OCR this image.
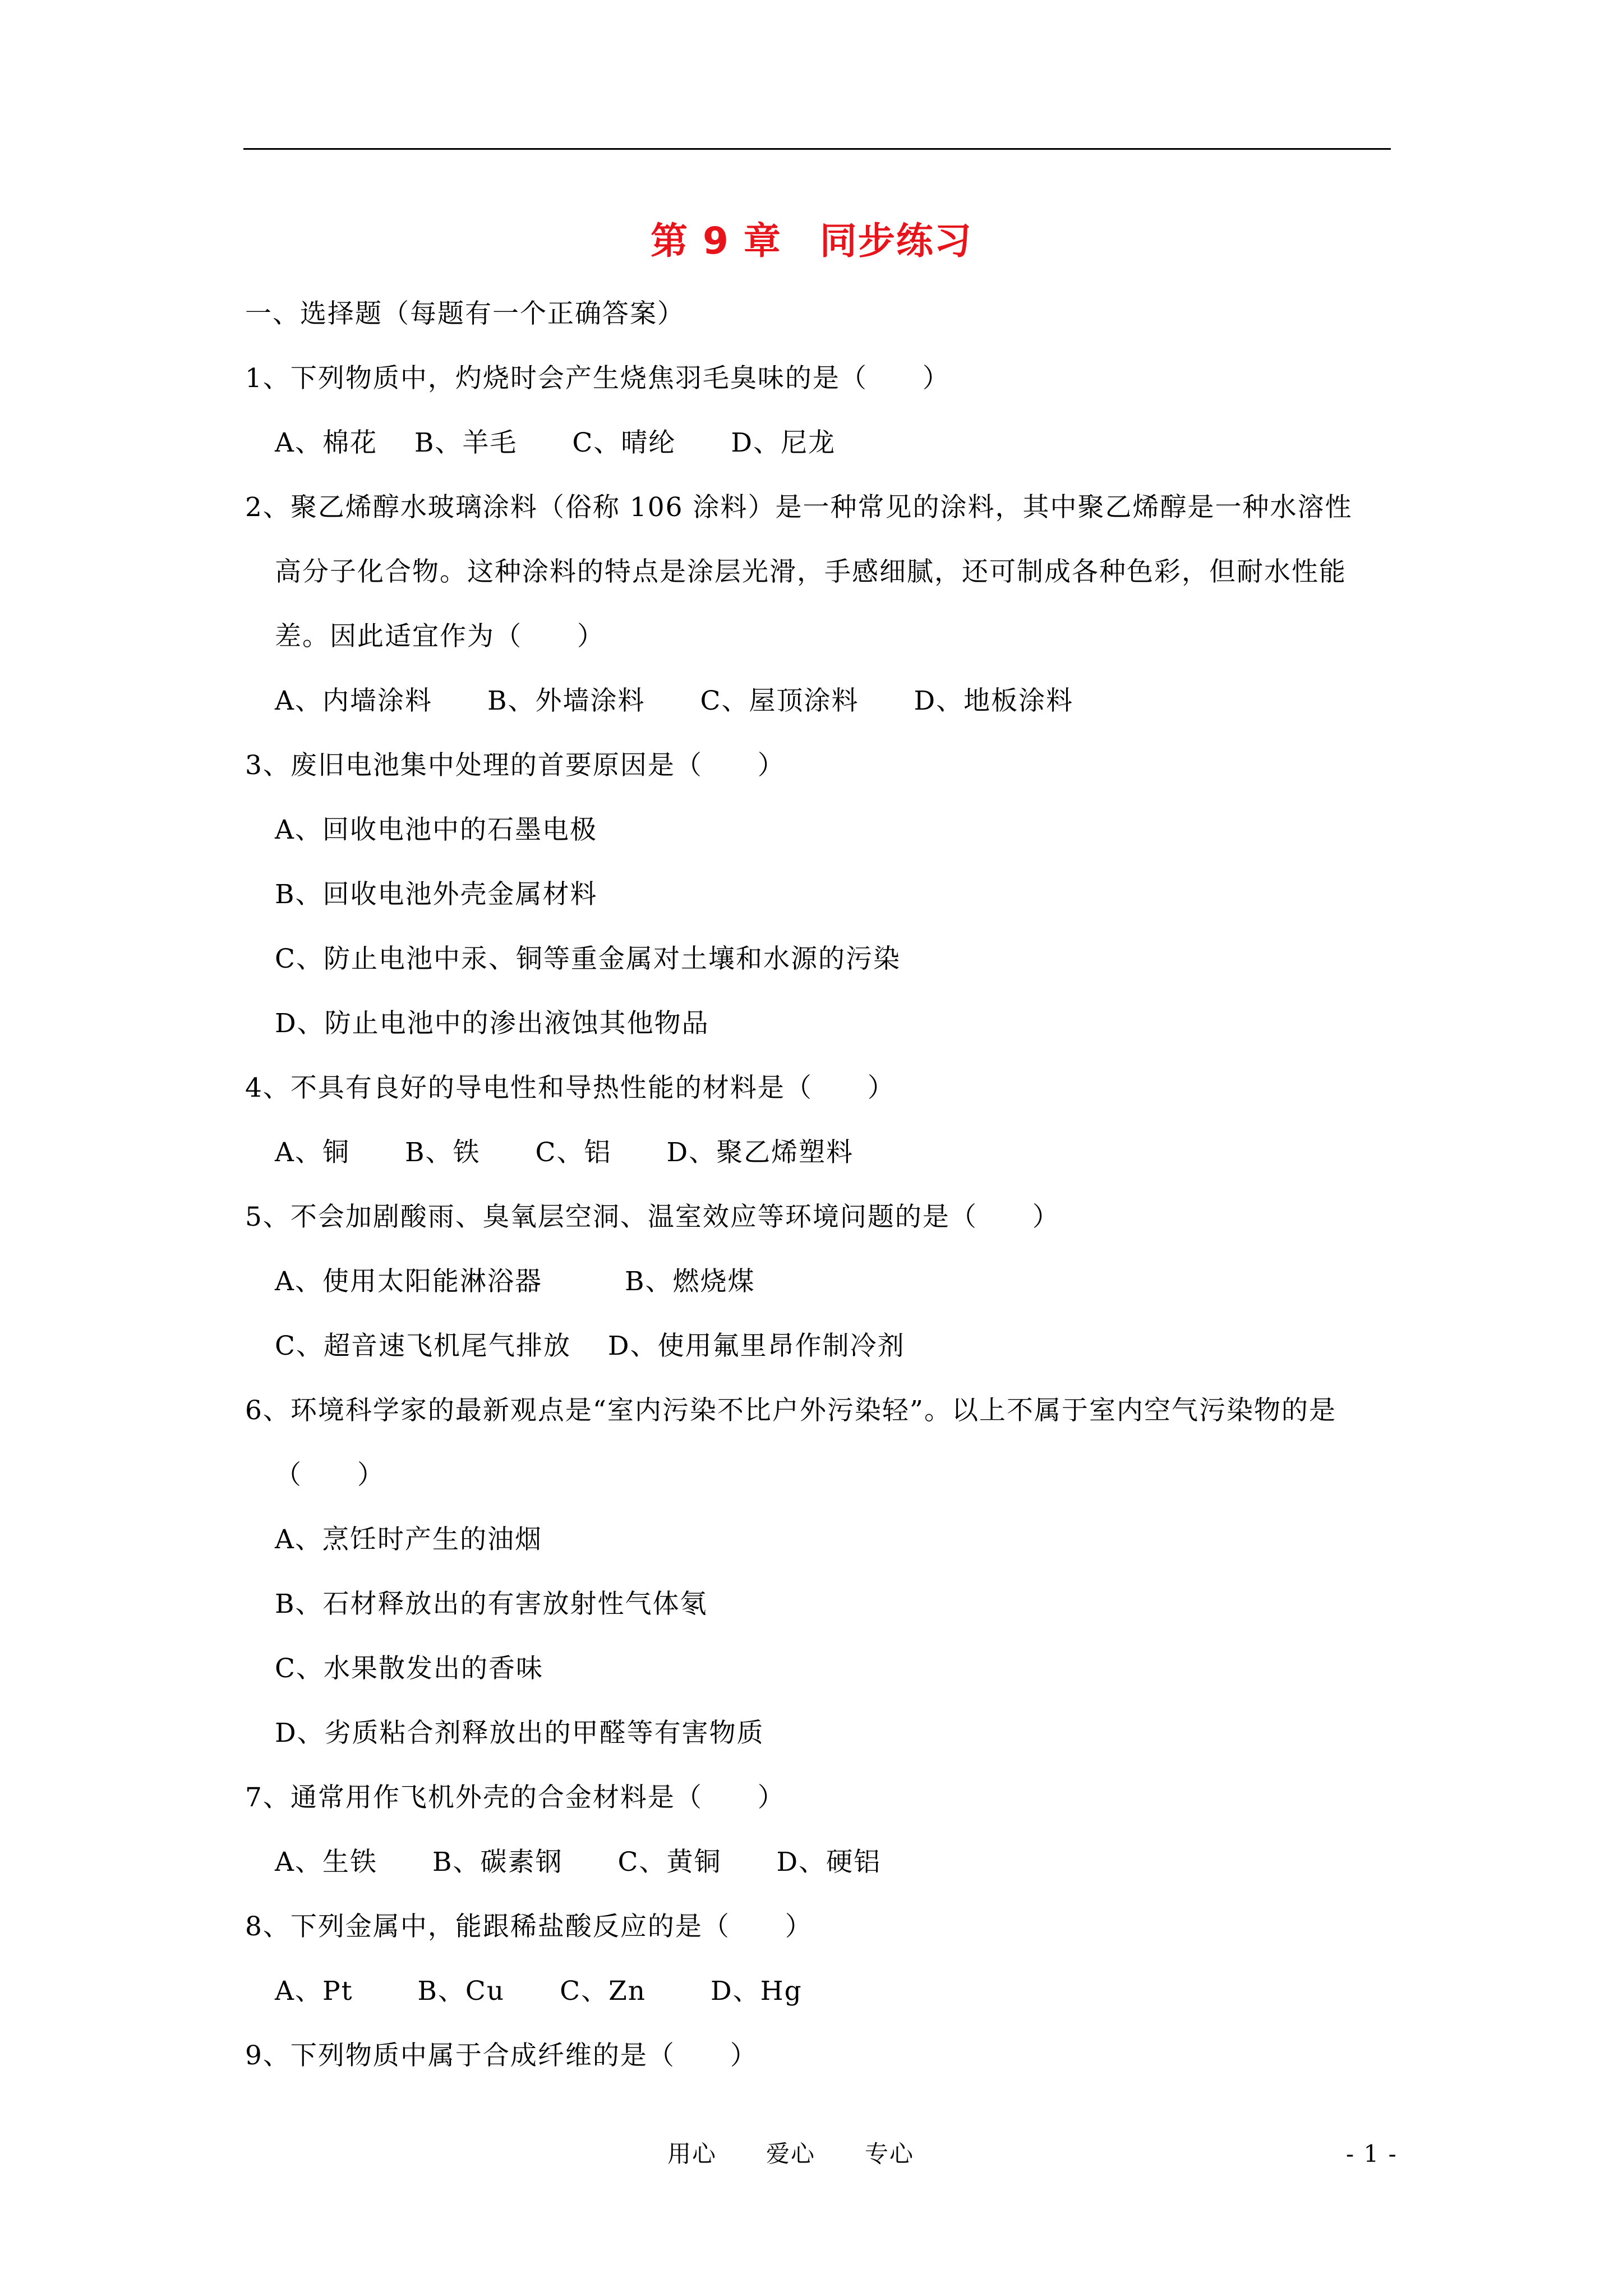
第 9 章　同步练习
一、选择题（每题有一个正确答案）
1、下列物质中，灼烧时会产生烧焦羽毛臭味的是（　　）
A、棉花　 B、羊毛　　C、晴纶　　D、尼龙
2、聚乙烯醇水玻璃涂料（俗称 106 涂料）是一种常见的涂料，其中聚乙烯醇是一种水溶性
高分子化合物。这种涂料的特点是涂层光滑，手感细腻，还可制成各种色彩，但耐水性能
差。因此适宜作为（　　）
A、内墙涂料　　B、外墙涂料　　C、屋顶涂料　　D、地板涂料
3、废旧电池集中处理的首要原因是（　　）
A、回收电池中的石墨电极
B、回收电池外壳金属材料
C、防止电池中汞、铜等重金属对土壤和水源的污染
D、防止电池中的渗出液蚀其他物品
4、不具有良好的导电性和导热性能的材料是（　　）
A、铜　　B、铁　　C、铝　　D、聚乙烯塑料
5、不会加剧酸雨、臭氧层空洞、温室效应等环境问题的是（　　）
A、使用太阳能淋浴器　　　B、燃烧煤
C、超音速飞机尾气排放　 D、使用氟里昂作制冷剂
6、环境科学家的最新观点是“室内污染不比户外污染轻”。以上不属于室内空气污染物的是
（　　）
A、烹饪时产生的油烟
B、石材释放出的有害放射性气体氡
C、水果散发出的香味
D、劣质粘合剂释放出的甲醛等有害物质
7、通常用作飞机外壳的合金材料是（　　）
A、生铁　　B、碳素钢　　C、黄铜　　D、硬铝
8、下列金属中，能跟稀盐酸反应的是（　　）
A、Pt　　 B、Cu　　C、Zn　　 D、Hg
9、下列物质中属于合成纤维的是（　　）
用心　　爱心　　专心	- 1 -
